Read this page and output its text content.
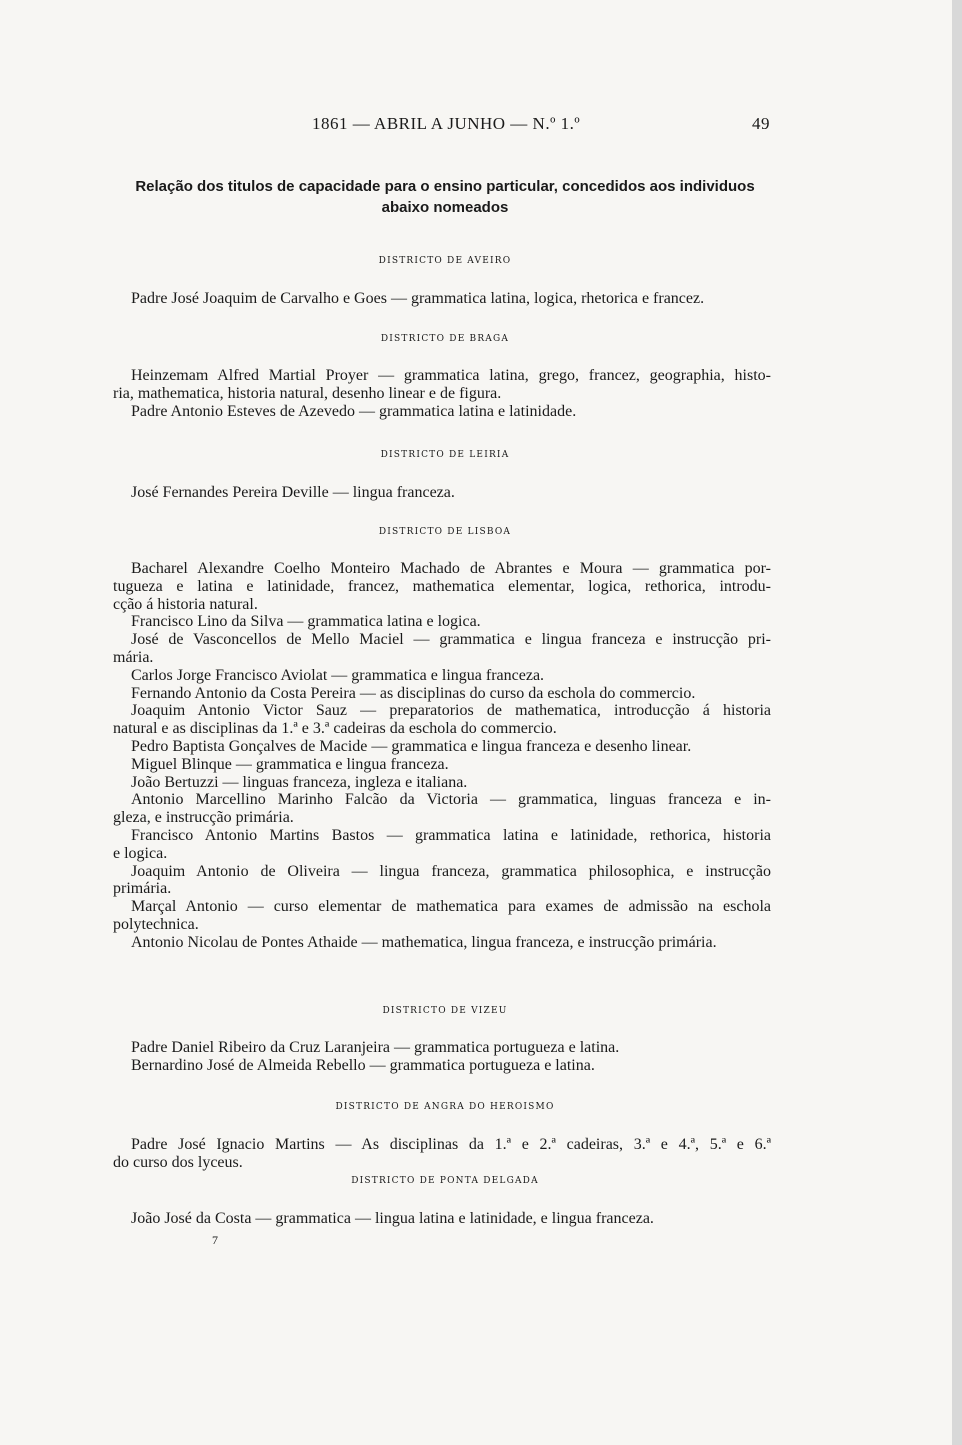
1861 — ABRIL A JUNHO — N.º 1.º	49
Relação dos titulos de capacidade para o ensino particular, concedidos aos individuos
abaixo nomeados
DISTRICTO DE AVEIRO
Padre José Joaquim de Carvalho e Goes — grammatica latina, logica, rhetorica e francez.
DISTRICTO DE BRAGA
Heinzemam Alfred Martial Proyer — grammatica latina, grego, francez, geographia, histo-
ria, mathematica, historia natural, desenho linear e de figura.
Padre Antonio Esteves de Azevedo — grammatica latina e latinidade.
DISTRICTO DE LEIRIA
José Fernandes Pereira Deville — lingua franceza.
DISTRICTO DE LISBOA
Bacharel Alexandre Coelho Monteiro Machado de Abrantes e Moura — grammatica por-
tugueza e latina e latinidade, francez, mathematica elementar, logica, rethorica, introdu-
cção á historia natural.
Francisco Lino da Silva — grammatica latina e logica.
José de Vasconcellos de Mello Maciel — grammatica e lingua franceza e instrucção pri-
mária.
Carlos Jorge Francisco Aviolat — grammatica e lingua franceza.
Fernando Antonio da Costa Pereira — as disciplinas do curso da eschola do commercio.
Joaquim Antonio Victor Sauz — preparatorios de mathematica, introducção á historia
natural e as disciplinas da 1.ª e 3.ª cadeiras da eschola do commercio.
Pedro Baptista Gonçalves de Macide — grammatica e lingua franceza e desenho linear.
Miguel Blinque — grammatica e lingua franceza.
João Bertuzzi — linguas franceza, ingleza e italiana.
Antonio Marcellino Marinho Falcão da Victoria — grammatica, linguas franceza e in-
gleza, e instrucção primária.
Francisco Antonio Martins Bastos — grammatica latina e latinidade, rethorica, historia
e logica.
Joaquim Antonio de Oliveira — lingua franceza, grammatica philosophica, e instrucção
primária.
Marçal Antonio — curso elementar de mathematica para exames de admissão na eschola
polytechnica.
Antonio Nicolau de Pontes Athaide — mathematica, lingua franceza, e instrucção primária.
DISTRICTO DE VIZEU
Padre Daniel Ribeiro da Cruz Laranjeira — grammatica portugueza e latina.
Bernardino José de Almeida Rebello — grammatica portugueza e latina.
DISTRICTO DE ANGRA DO HEROISMO
Padre José Ignacio Martins — As disciplinas da 1.ª e 2.ª cadeiras, 3.ª e 4.ª, 5.ª e 6.ª
do curso dos lyceus.
DISTRICTO DE PONTA DELGADA
João José da Costa — grammatica — lingua latina e latinidade, e lingua franceza.
7
